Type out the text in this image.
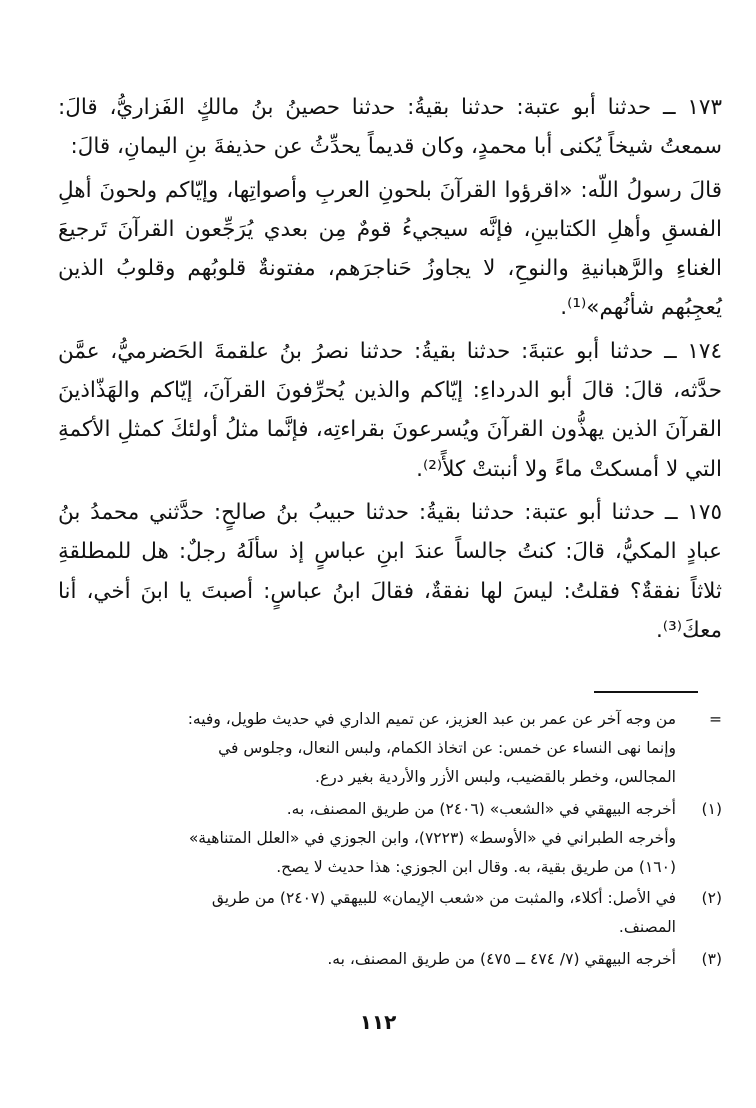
١٧٣ ــ حدثنا أبو عتبة: حدثنا بقيةُ: حدثنا حصينُ بنُ مالكٍ الفَزاريُّ، قالَ: سمعتُ شيخاً يُكنى أبا محمدٍ، وكان قديماً يحدِّثُ عن حذيفةَ بنِ اليمانِ، قالَ:

قالَ رسولُ اللّه: «اقرؤوا القرآنَ بلحونِ العربِ وأصواتِها، وإيّاكم ولحونَ أهلِ الفسقِ وأهلِ الكتابينِ، فإنَّه سيجيءُ قومٌ مِن بعدي يُرَجِّعون القرآنَ تَرجيعَ الغناءِ والرَّهبانيةِ والنوحِ، لا يجاوزُ حَناجرَهم، مفتونةٌ قلوبُهم وقلوبُ الذين يُعجِبُهم شأنُهم»⁽¹⁾.

١٧٤ ــ حدثنا أبو عتبةَ: حدثنا بقيةُ: حدثنا نصرُ بنُ علقمةَ الحَضرميُّ، عمَّن حدَّثه، قالَ: قالَ أبو الدرداءِ: إيّاكم والذين يُحرِّفونَ القرآنَ، إيّاكم والهَذّاذينَ القرآنَ الذين يهذُّون القرآنَ ويُسرعونَ بقراءتِه، فإنَّما مثلُ أولئكَ كمثلِ الأكمةِ التي لا أمسكتْ ماءً ولا أنبتتْ كلأً⁽²⁾.

١٧٥ ــ حدثنا أبو عتبة: حدثنا بقيةُ: حدثنا حبيبُ بنُ صالحٍ: حدَّثني محمدُ بنُ عبادٍ المكيُّ، قالَ: كنتُ جالساً عندَ ابنِ عباسٍ إذ سألَهُ رجلٌ: هل للمطلقةِ ثلاثاً نفقةٌ؟ فقلتُ: ليسَ لها نفقةٌ، فقالَ ابنُ عباسٍ: أصبتَ يا ابنَ أخي، أنا معكَ⁽³⁾.

=
من وجه آخر عن عمر بن عبد العزيز، عن تميم الداري في حديث طويل، وفيه:
وإنما نهى النساء عن خمس: عن اتخاذ الكمام، ولبس النعال، وجلوس في
المجالس، وخطر بالقضيب، ولبس الأزر والأردية بغير درع.
(١)
أخرجه البيهقي في «الشعب» (٢٤٠٦) من طريق المصنف، به.
وأخرجه الطبراني في «الأوسط» (٧٢٢٣)، وابن الجوزي في «العلل المتناهية»
(١٦٠) من طريق بقية، به. وقال ابن الجوزي: هذا حديث لا يصح.
(٢)
في الأصل: أكلاء، والمثبت من «شعب الإيمان» للبيهقي (٢٤٠٧) من طريق
المصنف.
(٣)
أخرجه البيهقي (٧/ ٤٧٤ ــ ٤٧٥) من طريق المصنف، به.
١١٢
